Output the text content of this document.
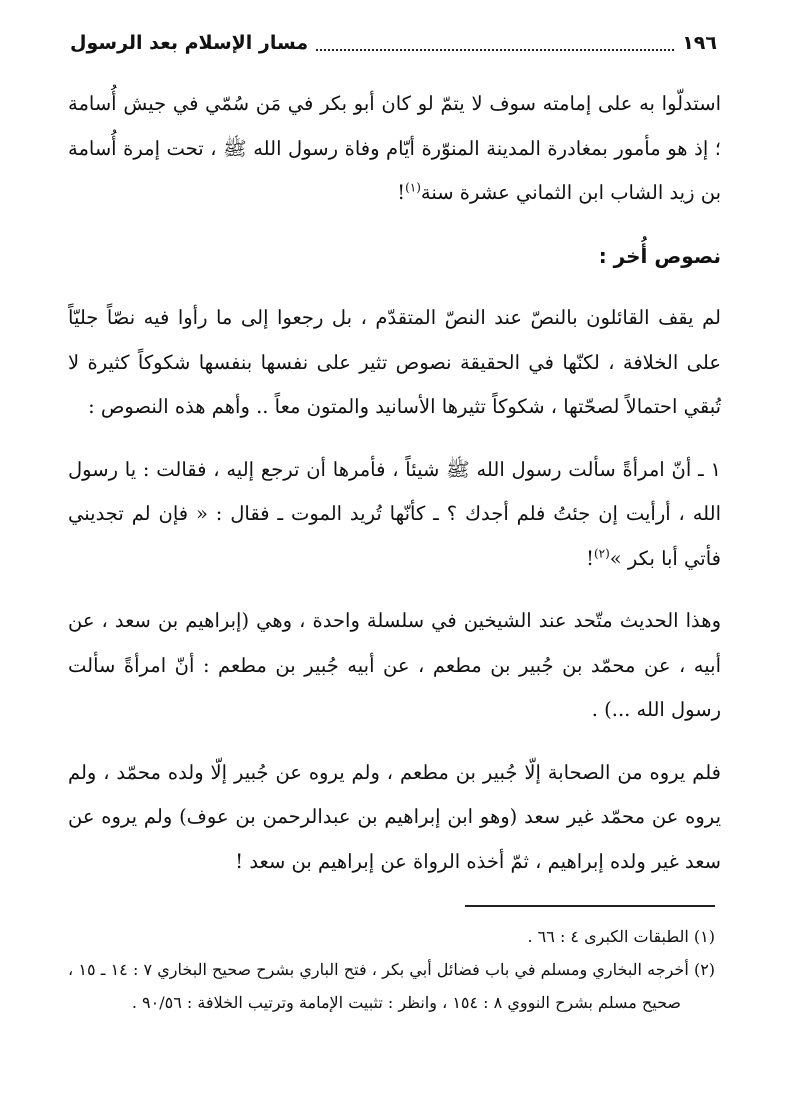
١٩٦
مسار الإسلام بعد الرسول

استدلّوا به على إمامته سوف لا يتمّ لو كان أبو بكر في مَن سُمّي في جيش أُسامة ؛ إذ هو مأمور بمغادرة المدينة المنوّرة أيّام وفاة رسول الله ﷺ ، تحت إمرة أُسامة بن زيد الشاب ابن الثماني عشرة سنة$^{(١)}$!

نصوص أُخر :

لم يقف القائلون بالنصّ عند النصّ المتقدّم ، بل رجعوا إلى ما رأوا فيه نصّاً جليّاً على الخلافة ، لكنّها في الحقيقة نصوص تثير على نفسها بنفسها شكوكاً كثيرة لا تُبقي احتمالاً لصحّتها ، شكوكاً تثيرها الأسانيد والمتون معاً .. وأهم هذه النصوص :

١ ـ أنّ امرأةً سألت رسول الله ﷺ شيئاً ، فأمرها أن ترجع إليه ، فقالت : يا رسول الله ، أرأيت إن جئتُ فلم أجدك ؟ ـ كأنّها تُريد الموت ـ فقال : « فإن لم تجديني فأتي أبا بكر »$^{(٢)}$!

وهذا الحديث متّحد عند الشيخين في سلسلة واحدة ، وهي (إبراهيم بن سعد ، عن أبيه ، عن محمّد بن جُبير بن مطعم ، عن أبيه جُبير بن مطعم : أنّ امرأةً سألت رسول الله ...) .

فلم يروه من الصحابة إلّا جُبير بن مطعم ، ولم يروه عن جُبير إلّا ولده محمّد ، ولم يروه عن محمّد غير سعد (وهو ابن إبراهيم بن عبدالرحمن بن عوف) ولم يروه عن سعد غير ولده إبراهيم ، ثمّ أخذه الرواة عن إبراهيم بن سعد !

(١) الطبقات الكبرى ٤ : ٦٦ .

(٢) أخرجه البخاري ومسلم في باب فضائل أبي بكر ، فتح الباري بشرح صحيح البخاري ٧ : ١٤ ـ ١٥ ، صحيح مسلم بشرح النووي ٨ : ١٥٤ ، وانظر : تثبيت الإمامة وترتيب الخلافة : ٩٠/٥٦ .
